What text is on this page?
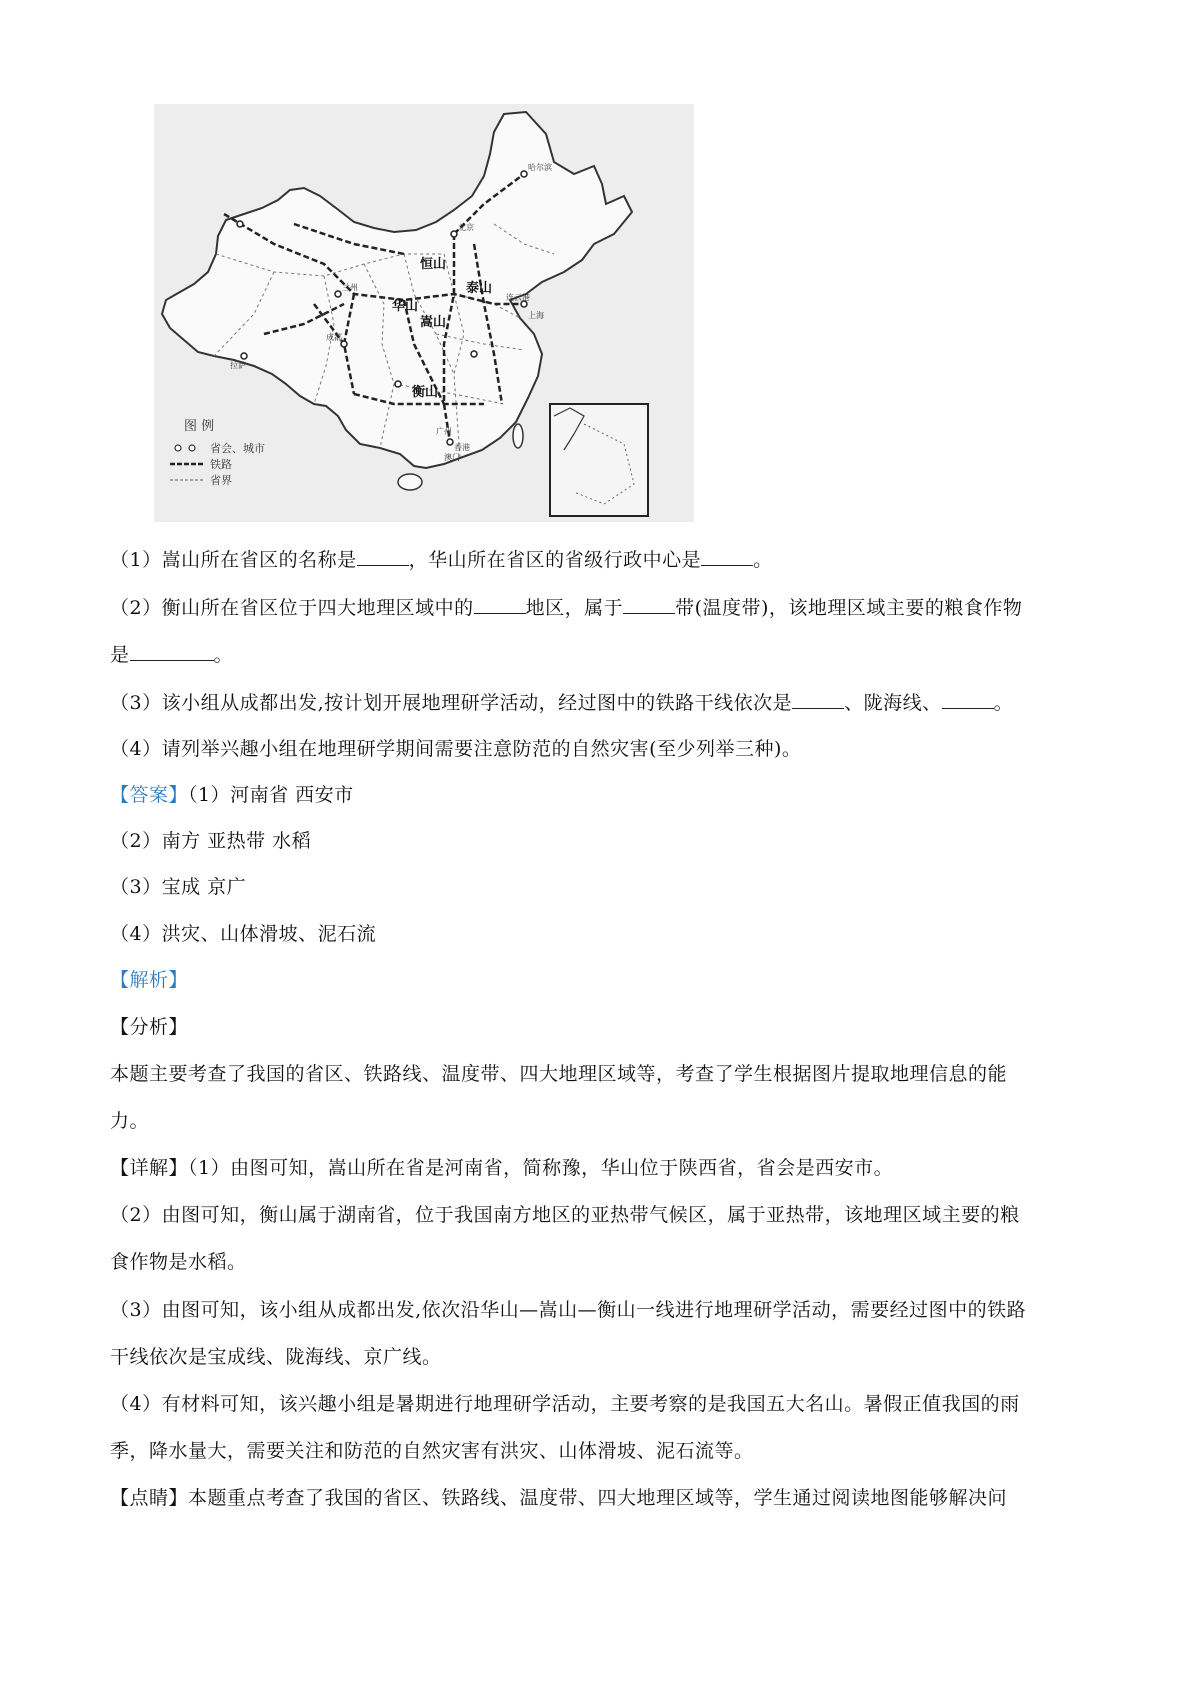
恒山
华山
嵩山
泰山
衡山
北京
上海
成都
广州
拉萨
哈尔滨
香港
澳门
连云港
兰州
图 例
省会、城市
铁路
省界
（1）嵩山所在省区的名称是	，华山所在省区的省级行政中心是	。
（2）衡山所在省区位于四大地理区域中的	地区，属于	带(温度带)，该地理区域主要的粮食作物
是	。
（3）该小组从成都出发,按计划开展地理研学活动，经过图中的铁路干线依次是	、陇海线、	。
（4）请列举兴趣小组在地理研学期间需要注意防范的自然灾害(至少列举三种)。
【答案】（1）河南省 西安市
（2）南方 亚热带 水稻
（3）宝成 京广
（4）洪灾、山体滑坡、泥石流
【解析】
【分析】
本题主要考查了我国的省区、铁路线、温度带、四大地理区域等，考查了学生根据图片提取地理信息的能
力。
【详解】（1）由图可知，嵩山所在省是河南省，简称豫，华山位于陕西省，省会是西安市。
（2）由图可知，衡山属于湖南省，位于我国南方地区的亚热带气候区，属于亚热带，该地理区域主要的粮
食作物是水稻。
（3）由图可知，该小组从成都出发,依次沿华山—嵩山—衡山一线进行地理研学活动，需要经过图中的铁路
干线依次是宝成线、陇海线、京广线。
（4）有材料可知，该兴趣小组是暑期进行地理研学活动，主要考察的是我国五大名山。暑假正值我国的雨
季，降水量大，需要关注和防范的自然灾害有洪灾、山体滑坡、泥石流等。
【点睛】本题重点考查了我国的省区、铁路线、温度带、四大地理区域等，学生通过阅读地图能够解决问
